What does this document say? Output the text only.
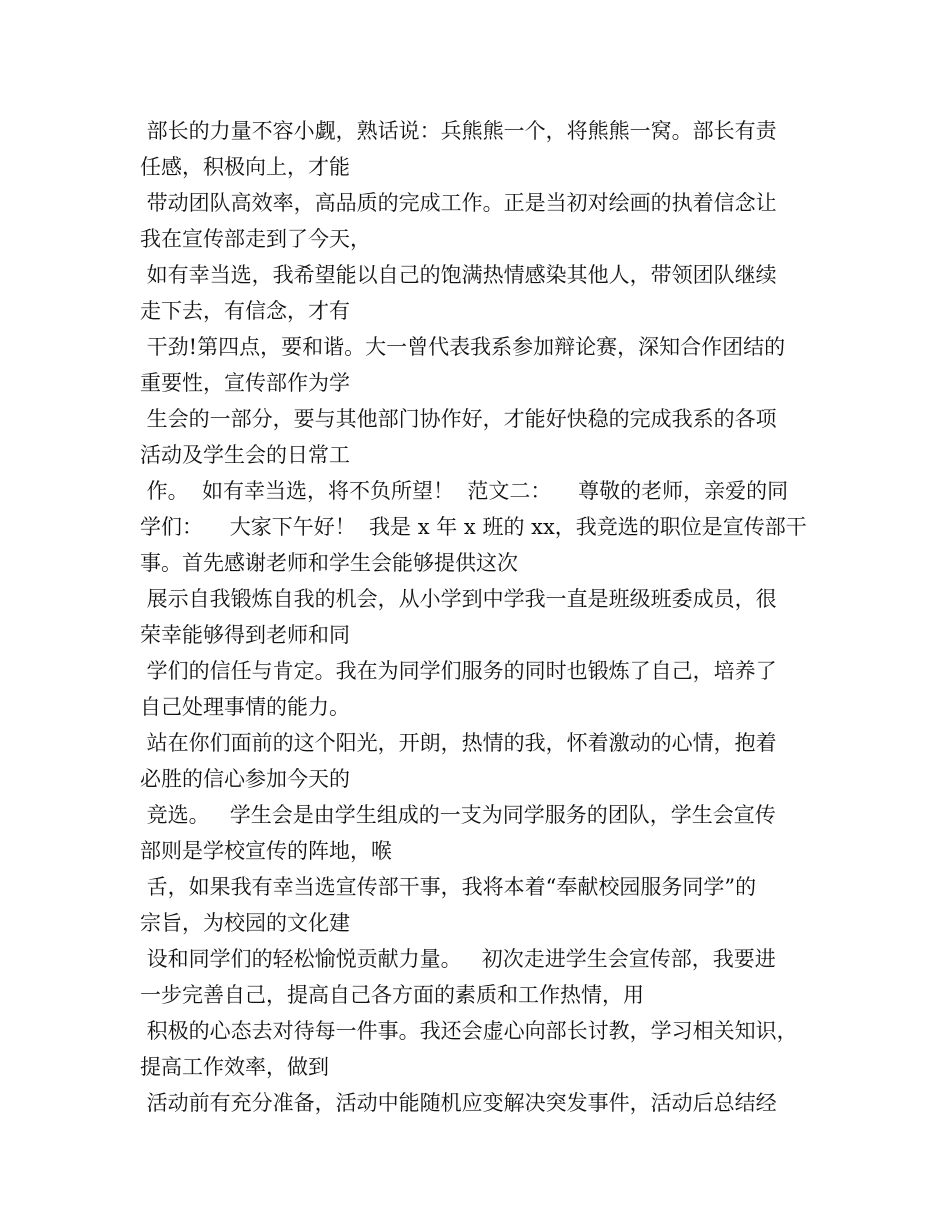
部长的力量不容小觑，熟话说：兵熊熊一个，将熊熊一窝。部长有责
任感，积极向上，才能
带动团队高效率，高品质的完成工作。正是当初对绘画的执着信念让
我在宣传部走到了今天，
如有幸当选，我希望能以自己的饱满热情感染其他人，带领团队继续
走下去，有信念，才有
干劲!第四点，要和谐。大一曾代表我系参加辩论赛，深知合作团结的
重要性，宣传部作为学
生会的一部分，要与其他部门协作好，才能好快稳的完成我系的各项
活动及学生会的日常工
作。  如有幸当选，将不负所望！  范文二：    尊敬的老师，亲爱的同
学们：    大家下午好！  我是 x 年 x 班的 xx，我竞选的职位是宣传部干
事。首先感谢老师和学生会能够提供这次
展示自我锻炼自我的机会，从小学到中学我一直是班级班委成员，很
荣幸能够得到老师和同
学们的信任与肯定。我在为同学们服务的同时也锻炼了自己，培养了
自己处理事情的能力。
站在你们面前的这个阳光，开朗，热情的我，怀着激动的心情，抱着
必胜的信心参加今天的
竞选。   学生会是由学生组成的一支为同学服务的团队，学生会宣传
部则是学校宣传的阵地，喉
舌，如果我有幸当选宣传部干事，我将本着“奉献校园服务同学”的
宗旨，为校园的文化建
设和同学们的轻松愉悦贡献力量。   初次走进学生会宣传部，我要进
一步完善自己，提高自己各方面的素质和工作热情，用
积极的心态去对待每一件事。我还会虚心向部长讨教，学习相关知识，
提高工作效率，做到
活动前有充分准备，活动中能随机应变解决突发事件，活动后总结经
